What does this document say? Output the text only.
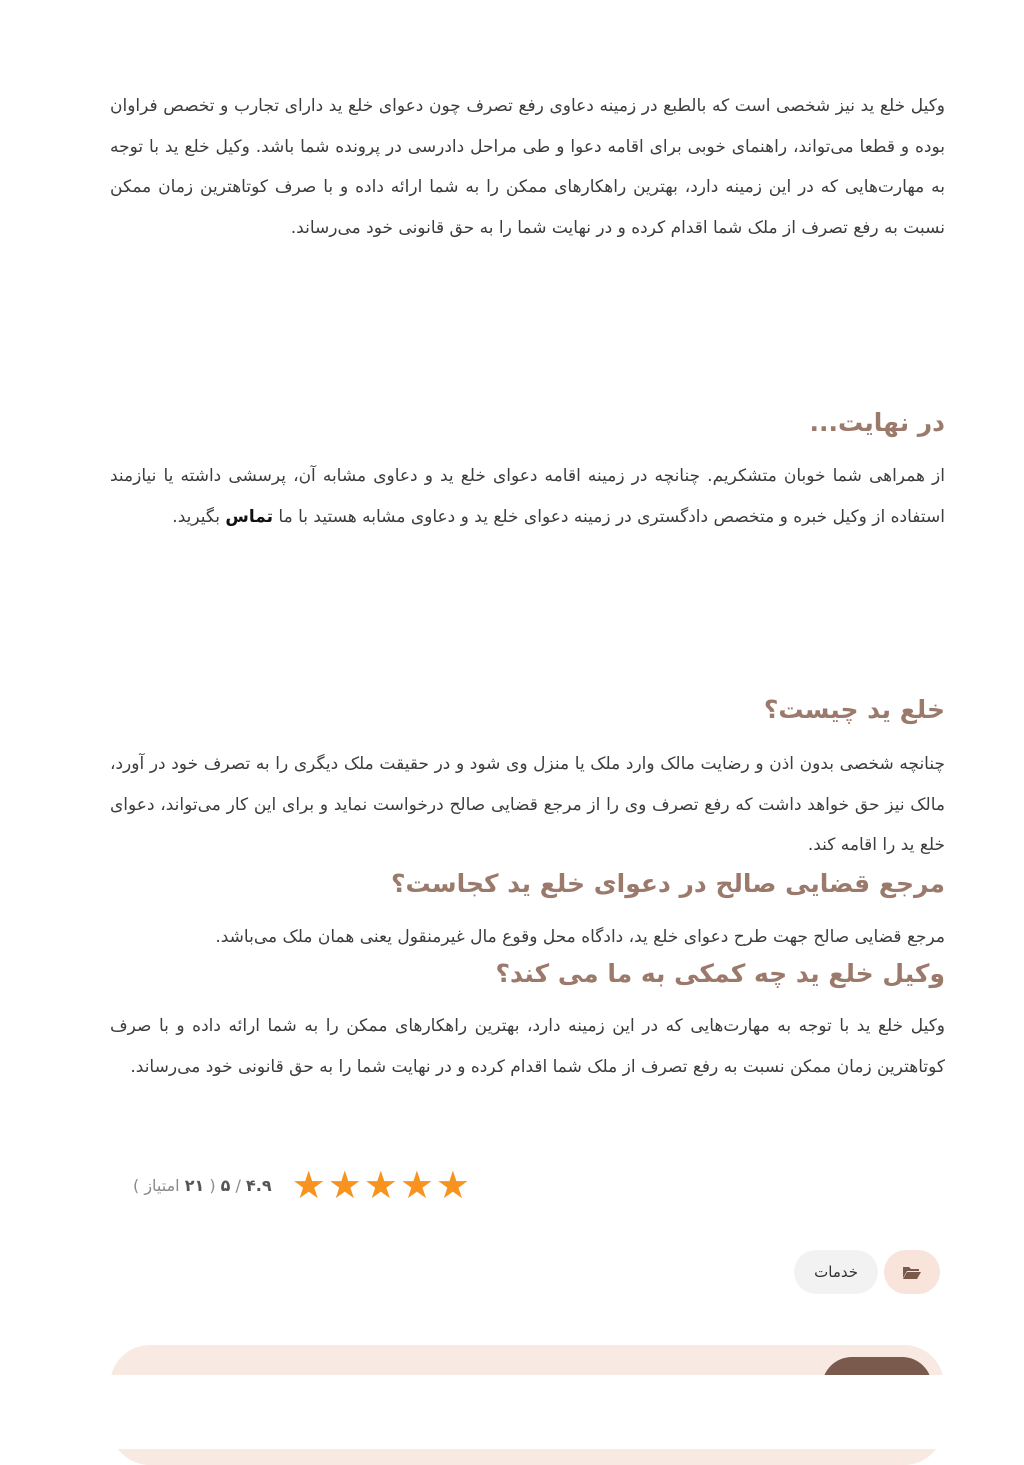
وکیل خلع ید نیز شخصی است که بالطبع در زمینه دعاوی رفع تصرف چون دعوای خلع ید دارای تجارب و تخصص فراوان بوده و قطعا می‌تواند، راهنمای خوبی برای اقامه دعوا و طی مراحل دادرسی در پرونده شما باشد. وکیل خلع ید با توجه به مهارت‌هایی که در این زمینه دارد، بهترین راهکارهای ممکن را به شما ارائه داده و با صرف کوتاهترین زمان ممکن نسبت به رفع تصرف از ملک شما اقدام کرده و در نهایت شما را به حق قانونی خود می‌رساند.

در نهایت...

از همراهی شما خوبان متشکریم. چنانچه در زمینه اقامه دعوای خلع ید و دعاوی مشابه آن، پرسشی داشته یا نیازمند استفاده از وکیل خبره و متخصص دادگستری در زمینه دعوای خلع ید و دعاوی مشابه هستید با ما تماس بگیرید.

خلع ید چیست؟

چنانچه شخصی بدون اذن و رضایت مالک وارد ملک یا منزل وی شود و در حقیقت ملک دیگری را به تصرف خود در آورد، مالک نیز حق خواهد داشت که رفع تصرف وی را از مرجع قضایی صالح درخواست نماید و برای این کار می‌تواند، دعوای خلع ید را اقامه کند.

مرجع قضایی صالح در دعوای خلع ید کجاست؟

مرجع قضایی صالح جهت طرح دعوای خلع ید، دادگاه محل وقوع مال غیرمنقول یعنی همان ملک می‌باشد.

وکیل خلع ید چه کمکی به ما می کند؟

وکیل خلع ید با توجه به مهارت‌هایی که در این زمینه دارد، بهترین راهکارهای ممکن را به شما ارائه داده و با صرف کوتاهترین زمان ممکن نسبت به رفع تصرف از ملک شما اقدام کرده و در نهایت شما را به حق قانونی خود می‌رساند.

★ ★ ★ ★ ★
۴.۹ / ۵ ( ۲۱ امتیاز )
خدمات
